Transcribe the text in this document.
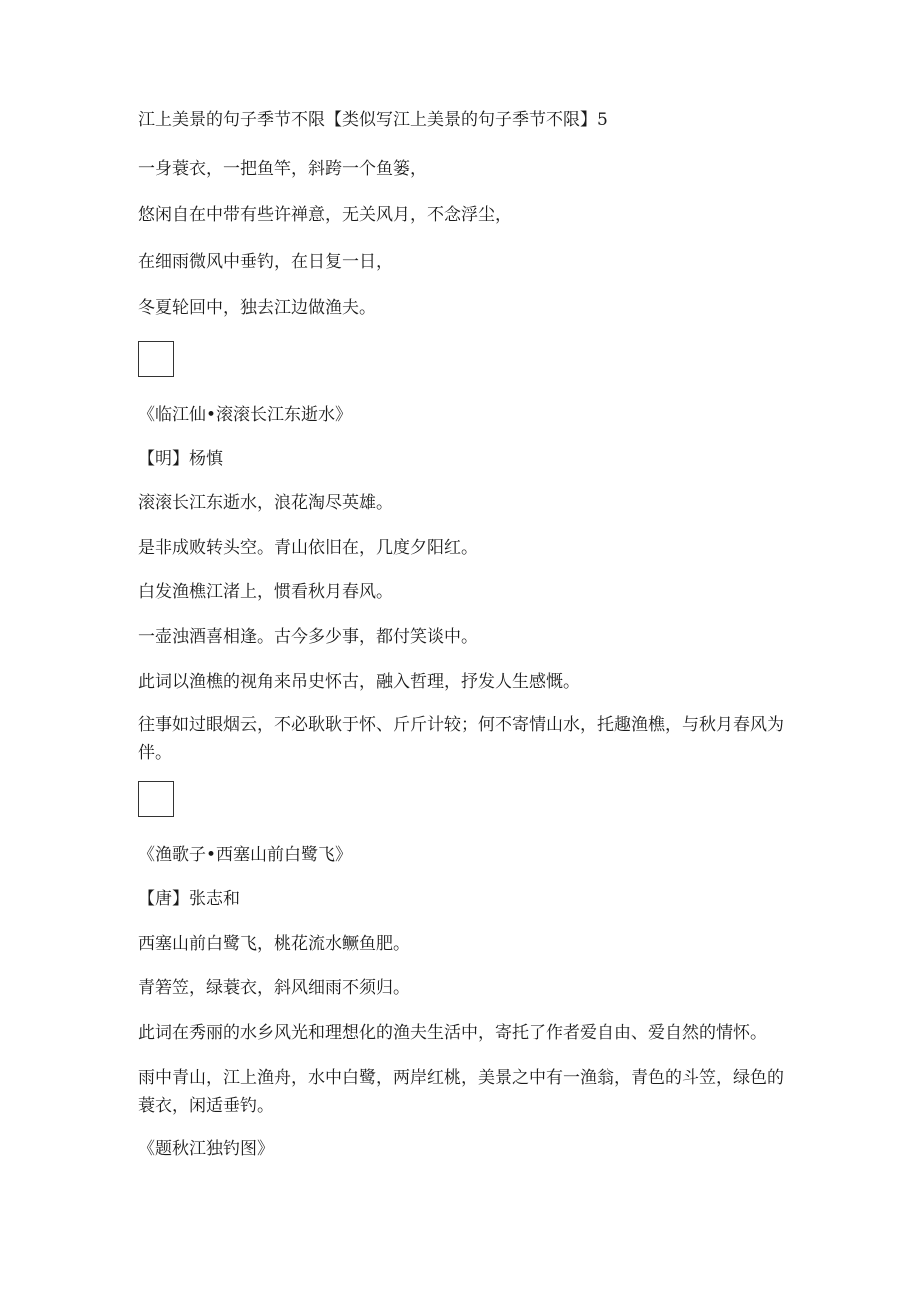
江上美景的句子季节不限【类似写江上美景的句子季节不限】5

一身蓑衣，一把鱼竿，斜跨一个鱼篓，

悠闲自在中带有些许禅意，无关风月，不念浮尘，

在细雨微风中垂钓，在日复一日，

冬夏轮回中，独去江边做渔夫。

《临江仙•滚滚长江东逝水》

【明】杨慎

滚滚长江东逝水，浪花淘尽英雄。

是非成败转头空。青山依旧在，几度夕阳红。

白发渔樵江渚上，惯看秋月春风。

一壶浊酒喜相逢。古今多少事，都付笑谈中。

此词以渔樵的视角来吊史怀古，融入哲理，抒发人生感慨。

往事如过眼烟云，不必耿耿于怀、斤斤计较；何不寄情山水，托趣渔樵，与秋月春风为伴。

《渔歌子•西塞山前白鹭飞》

【唐】张志和

西塞山前白鹭飞，桃花流水鳜鱼肥。

青箬笠，绿蓑衣，斜风细雨不须归。

此词在秀丽的水乡风光和理想化的渔夫生活中，寄托了作者爱自由、爱自然的情怀。

雨中青山，江上渔舟，水中白鹭，两岸红桃，美景之中有一渔翁，青色的斗笠，绿色的蓑衣，闲适垂钓。

《题秋江独钓图》
